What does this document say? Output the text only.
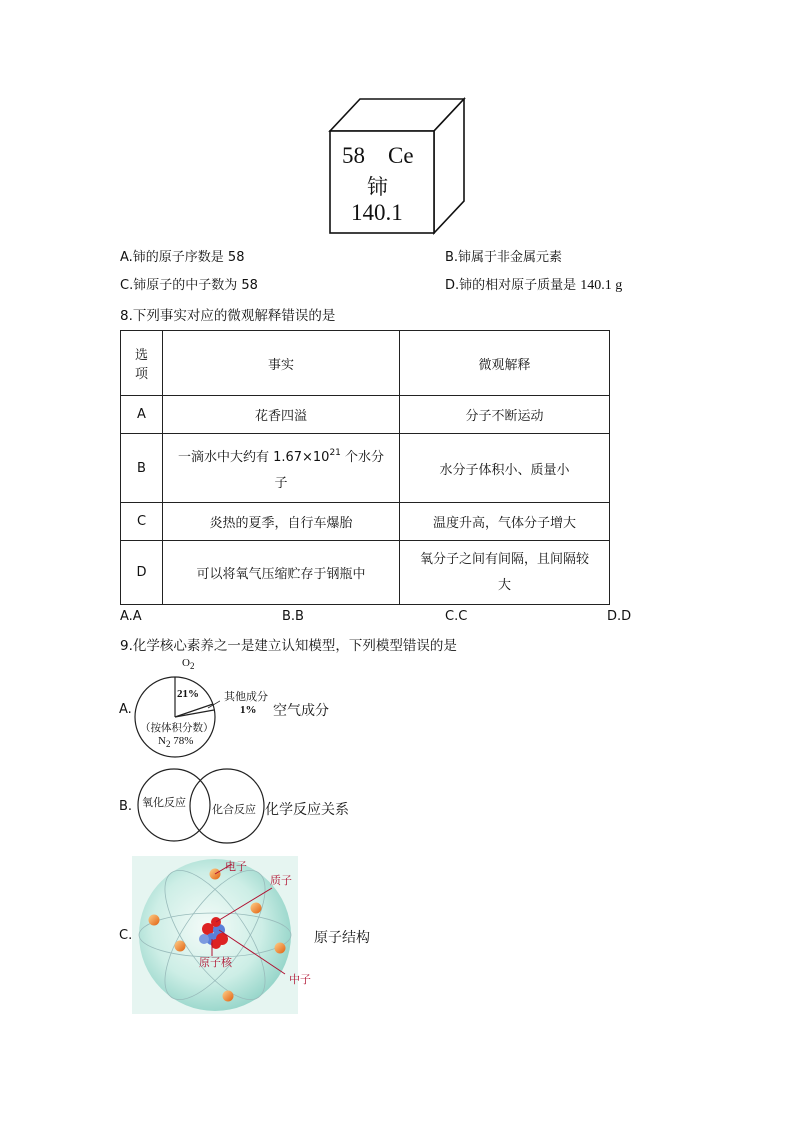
58 Ce
铈
140.1
A.铈的原子序数是 58	B.铈属于非金属元素
C.铈原子的中子数为 58	D.铈的相对原子质量是 140.1 g
8.下列事实对应的微观解释错误的是
选
项	事实	微观解释
A	花香四溢	分子不断运动
B	一滴水中大约有 $1.67\times 10^{21}$ 个水分
子	水分子体积小、质量小
C	炎热的夏季，自行车爆胎	温度升高，气体分子增大
D	可以将氧气压缩贮存于钢瓶中	氧分子之间有间隔，且间隔较
大
A.A	B.B	C.C	D.D
9.化学核心素养之一是建立认知模型，下列模型错误的是
A.
$O_2$
21% 其他成分
1%
（按体积分数）
$N_2$ 78%
空气成分
B. 氧化反应
化合反应 化学反应关系
C.
电子
质子
原子核
中子
原子结构
